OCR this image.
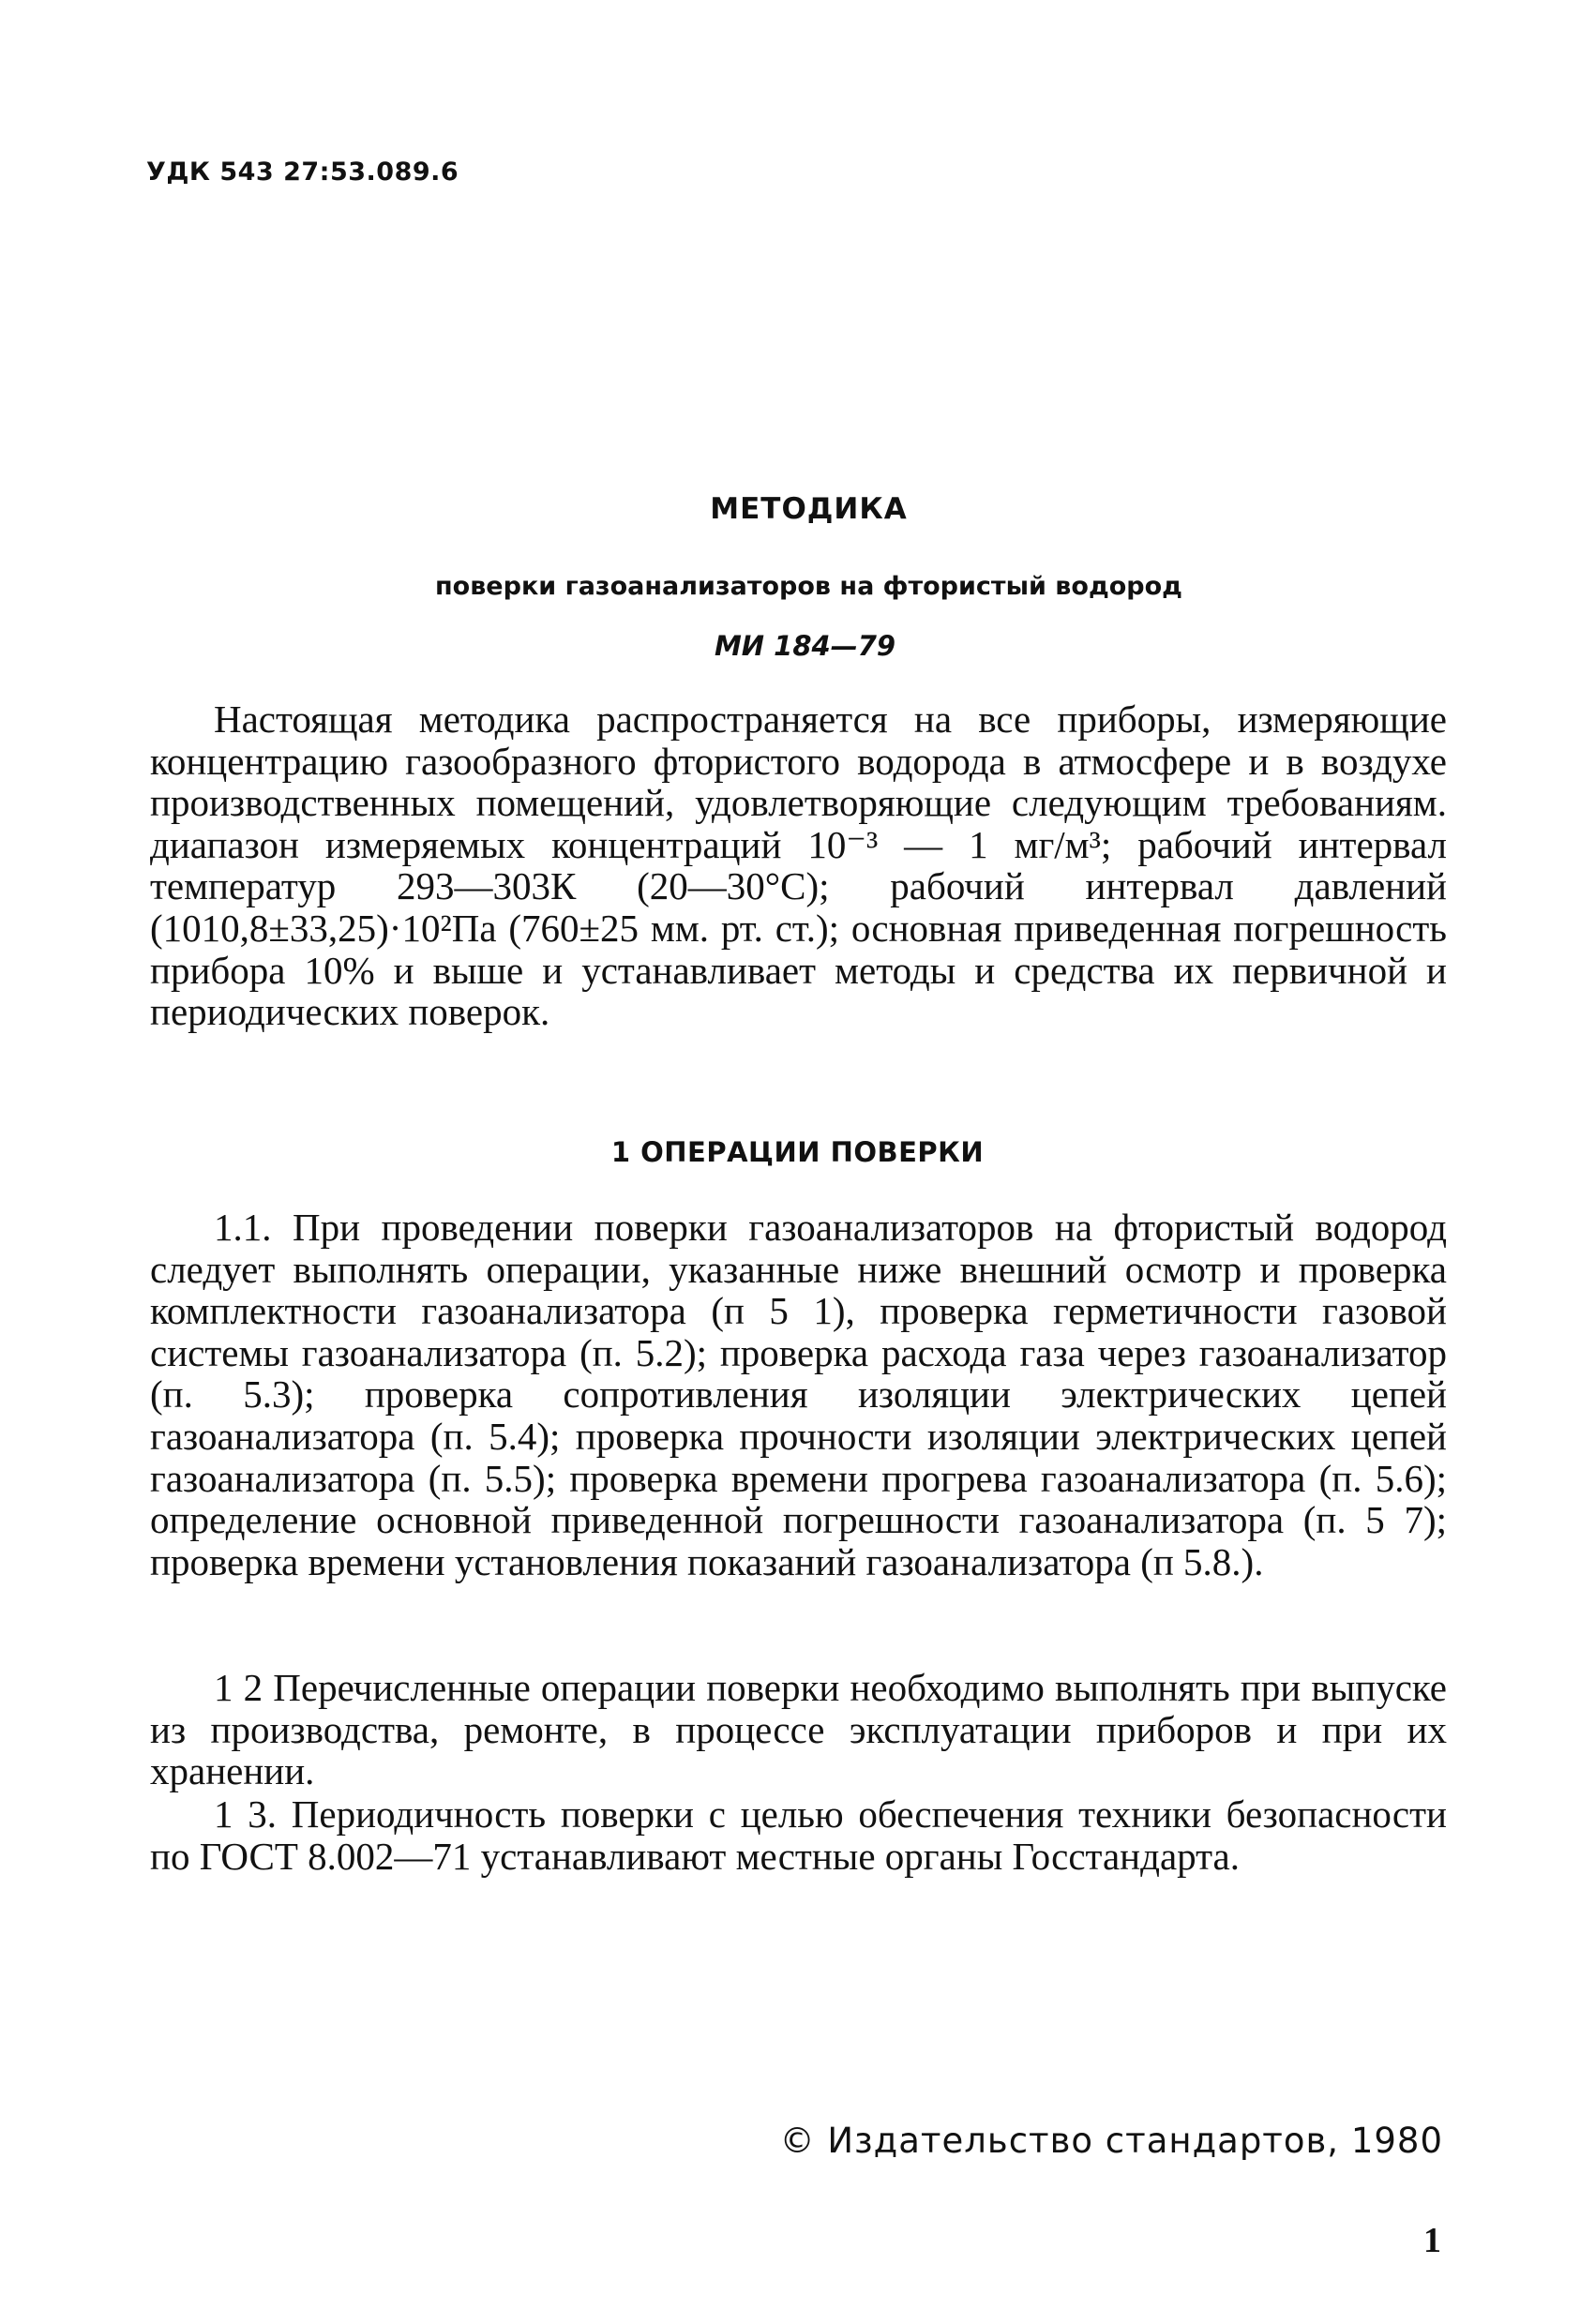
УДК 543 27:53.089.6
МЕТОДИКА
поверки газоанализаторов на фтористый водород
МИ 184—79

Настоящая методика распространяется на все приборы, измеряющие концентрацию газообразного фтористого водорода в атмосфере и в воздухе производственных помещений, удовлетворяющие следующим требованиям. диапазон измеряемых концентраций 10⁻³ — 1 мг/м³; рабочий интервал температур 293—303К (20—30°С); рабочий интервал давлений (1010,8±33,25)·10²Па (760±25 мм. рт. ст.); основная приведенная погрешность прибора 10% и выше и устанавливает методы и средства их первичной и периодических поверок.

1 ОПЕРАЦИИ ПОВЕРКИ

1.1. При проведении поверки газоанализаторов на фтористый водород следует выполнять операции, указанные ниже внешний осмотр и проверка комплектности газоанализатора (п 5 1), проверка герметичности газовой системы газоанализатора (п. 5.2); проверка расхода газа через газоанализатор (п. 5.3); проверка сопротивления изоляции электрических цепей газоанализатора (п. 5.4); проверка прочности изоляции электрических цепей газоанализатора (п. 5.5); проверка времени прогрева газоанализатора (п. 5.6); определение основной приведенной погрешности газоанализатора (п. 5 7); проверка времени установления показаний газоанализатора (п 5.8.).

1 2 Перечисленные операции поверки необходимо выполнять при выпуске из производства, ремонте, в процессе эксплуатации приборов и при их хранении.

1 3. Периодичность поверки с целью обеспечения техники безопасности по ГОСТ 8.002—71 устанавливают местные органы Госстандарта.

© Издательство стандартов, 1980
1
